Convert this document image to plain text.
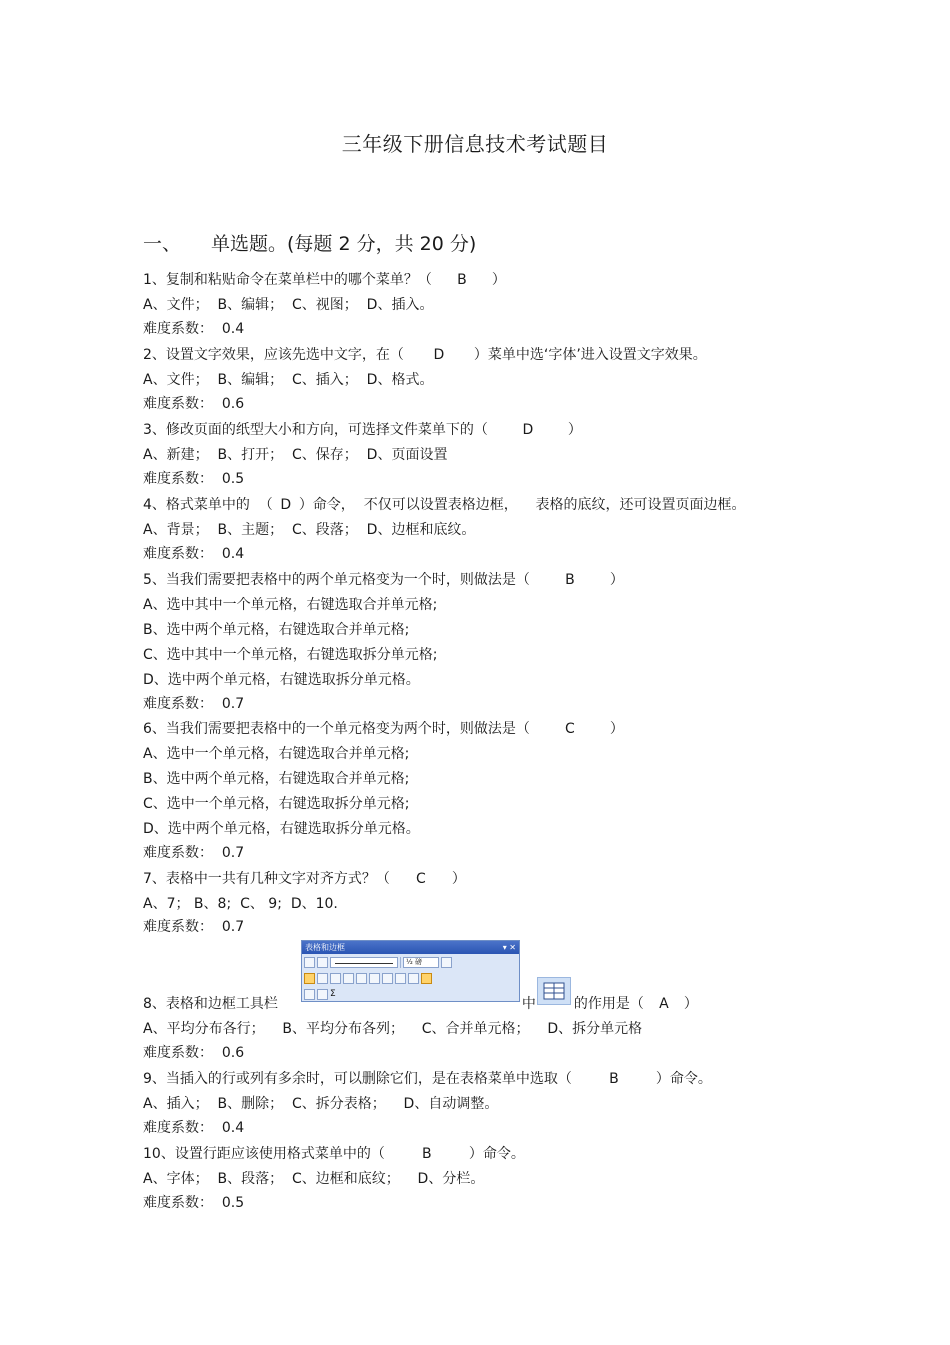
三年级下册信息技术考试题目
一、 单选题。(每题 2 分，共 20 分)
1、复制和粘贴命令在菜单栏中的哪个菜单？（ B ）
A、文件；  B、编辑；  C、视图；  D、插入。
难度系数：  0.4
2、设置文字效果，应该先选中文字，在（ D ）菜单中选‘字体’进入设置文字效果。
A、文件；  B、编辑；  C、插入；  D、格式。
难度系数：  0.6
3、修改页面的纸型大小和方向，可选择文件菜单下的（ D ）
A、新建；  B、打开；  C、保存；  D、页面设置
难度系数：  0.5
4、格式菜单中的  （ D ）命令，  不仅可以设置表格边框，    表格的底纹，还可设置页面边框。
A、背景；  B、主题；  C、段落；  D、边框和底纹。
难度系数：  0.4
5、当我们需要把表格中的两个单元格变为一个时，则做法是（	B	）
A、选中其中一个单元格，右键选取合并单元格;
B、选中两个单元格，右键选取合并单元格;
C、选中其中一个单元格，右键选取拆分单元格;
D、选中两个单元格，右键选取拆分单元格。
难度系数：  0.7
6、当我们需要把表格中的一个单元格变为两个时，则做法是（	C	）
A、选中一个单元格，右键选取合并单元格;
B、选中两个单元格，右键选取合并单元格;
C、选中一个单元格，右键选取拆分单元格;
D、选中两个单元格，右键选取拆分单元格。
难度系数：  0.7
7、表格中一共有几种文字对齐方式？（ C ）
A、7； B、8;  C、 9;  D、10.
难度系数：  0.7
表格和边框	▾ ✕
½ 磅
Σ
8、表格和边框工具栏	中	的作用是（ A ）
A、平均分布各行；    B、平均分布各列；    C、合并单元格；    D、拆分单元格
难度系数：  0.6
9、当插入的行或列有多余时，可以删除它们，是在表格菜单中选取（	B	）命令。
A、插入；  B、删除；  C、拆分表格；    D、自动调整。
难度系数：  0.4
10、设置行距应该使用格式菜单中的（	B	）命令。
A、字体；  B、段落；  C、边框和底纹；    D、分栏。
难度系数：  0.5
